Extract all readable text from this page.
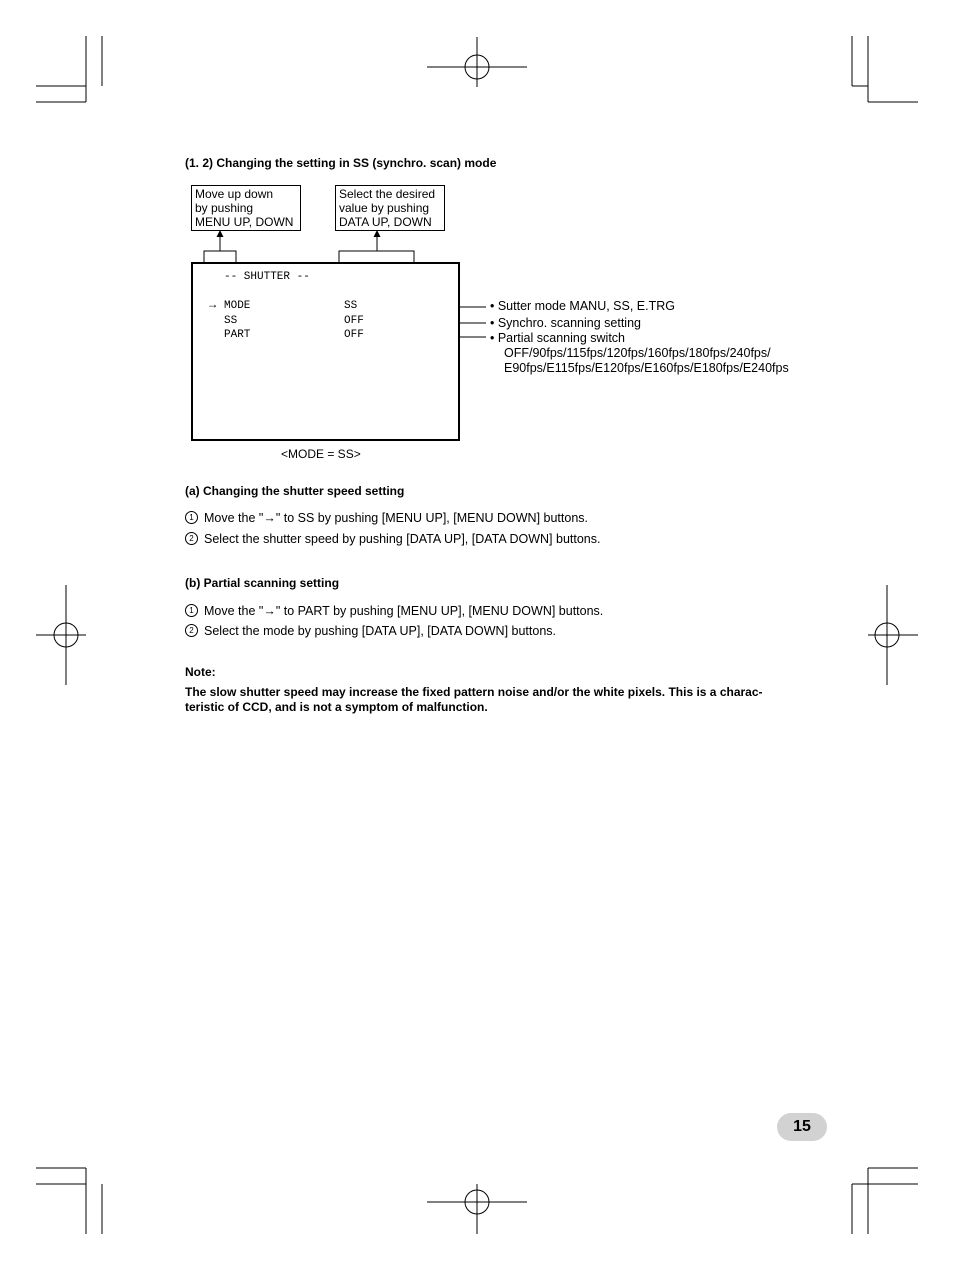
(1. 2) Changing the setting in SS (synchro. scan) mode
Move up down
by pushing
MENU UP, DOWN
Select the desired
value by pushing
DATA UP, DOWN
-- SHUTTER --
→ MODE	SS
SS	OFF
PART	OFF
<MODE = SS>
• Sutter mode MANU, SS, E.TRG
• Synchro. scanning setting
• Partial scanning switch
OFF/90fps/115fps/120fps/160fps/180fps/240fps/
E90fps/E115fps/E120fps/E160fps/E180fps/E240fps
(a) Changing the shutter speed setting
1 Move the "→" to SS by pushing [MENU UP], [MENU DOWN] buttons.
2 Select the shutter speed by pushing [DATA UP], [DATA DOWN] buttons.
(b) Partial scanning setting
1 Move the "→" to PART by pushing [MENU UP], [MENU DOWN] buttons.
2 Select the mode by pushing [DATA UP], [DATA DOWN] buttons.
Note:
The slow shutter speed may increase the fixed pattern noise and/or the white pixels. This is a charac-
teristic of CCD, and is not a symptom of malfunction.
15
